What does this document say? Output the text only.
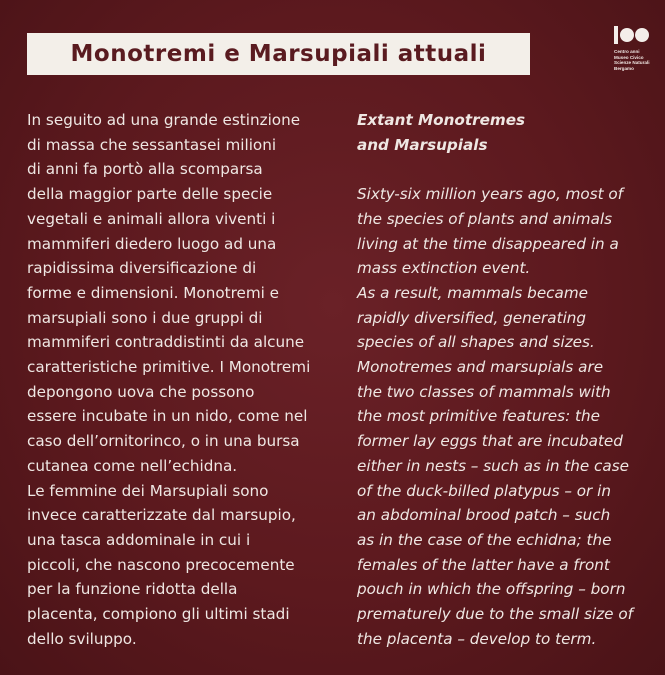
Monotremi e Marsupiali attuali	Centro anni
Museo Civico
Scienze Naturali
Bergamo
In seguito ad una grande estinzione
di massa che sessantasei milioni
di anni fa portò alla scomparsa
della maggior parte delle specie
vegetali e animali allora viventi i
mammiferi diedero luogo ad una
rapidissima diversificazione di
forme e dimensioni. Monotremi e
marsupiali sono i due gruppi di
mammiferi contraddistinti da alcune
caratteristiche primitive. I Monotremi
depongono uova che possono
essere incubate in un nido, come nel
caso dell’ornitorinco, o in una bursa
cutanea come nell’echidna.
Le femmine dei Marsupiali sono
invece caratterizzate dal marsupio,
una tasca addominale in cui i
piccoli, che nascono precocemente
per la funzione ridotta della
placenta, compiono gli ultimi stadi
dello sviluppo.
Extant Monotremes
and Marsupials
Sixty-six million years ago, most of
the species of plants and animals
living at the time disappeared in a
mass extinction event.
As a result, mammals became
rapidly diversified, generating
species of all shapes and sizes.
Monotremes and marsupials are
the two classes of mammals with
the most primitive features: the
former lay eggs that are incubated
either in nests – such as in the case
of the duck-billed platypus – or in
an abdominal brood patch – such
as in the case of the echidna; the
females of the latter have a front
pouch in which the offspring – born
prematurely due to the small size of
the placenta – develop to term.
